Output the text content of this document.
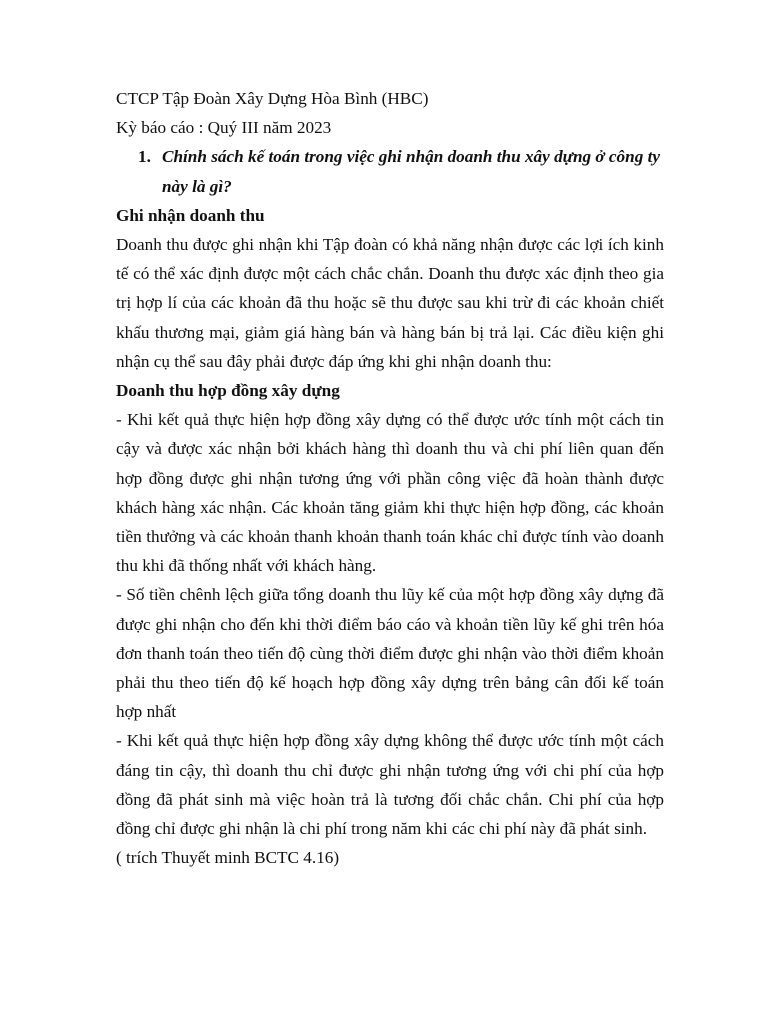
CTCP Tập Đoàn Xây Dựng Hòa Bình (HBC)
Kỳ báo cáo : Quý III năm 2023
1. Chính sách kế toán trong việc ghi nhận doanh thu xây dựng ở công ty này là gì?
Ghi nhận doanh thu

Doanh thu được ghi nhận khi Tập đoàn có khả năng nhận được các lợi ích kinh tế có thể xác định được một cách chắc chắn. Doanh thu được xác định theo gia trị hợp lí của các khoản đã thu hoặc sẽ thu được sau khi trừ đi các khoản chiết khấu thương mại, giảm giá hàng bán và hàng bán bị trả lại. Các điều kiện ghi nhận cụ thể sau đây phải được đáp ứng khi ghi nhận doanh thu:

Doanh thu hợp đồng xây dựng

- Khi kết quả thực hiện hợp đồng xây dựng có thể được ước tính một cách tin cậy và được xác nhận bởi khách hàng thì doanh thu và chi phí liên quan đến hợp đồng được ghi nhận tương ứng với phần công việc đã hoàn thành được khách hàng xác nhận. Các khoản tăng giảm khi thực hiện hợp đồng, các khoản tiền thưởng và các khoản thanh khoản thanh toán khác chỉ được tính vào doanh thu khi đã thống nhất với khách hàng.

- Số tiền chênh lệch giữa tổng doanh thu lũy kế của một hợp đồng xây dựng đã được ghi nhận cho đến khi thời điểm báo cáo và khoản tiền lũy kế ghi trên hóa đơn thanh toán theo tiến độ cùng thời điểm được ghi nhận vào thời điểm khoản phải thu theo tiến độ kế hoạch hợp đồng xây dựng trên bảng cân đối kế toán hợp nhất

- Khi kết quả thực hiện hợp đồng xây dựng không thể được ước tính một cách đáng tin cậy, thì doanh thu chỉ được ghi nhận tương ứng với chi phí của hợp đồng đã phát sinh mà việc hoàn trả là tương đối chắc chắn. Chi phí của hợp đồng chỉ được ghi nhận là chi phí trong năm khi các chi phí này đã phát sinh.

( trích Thuyết minh BCTC 4.16)
